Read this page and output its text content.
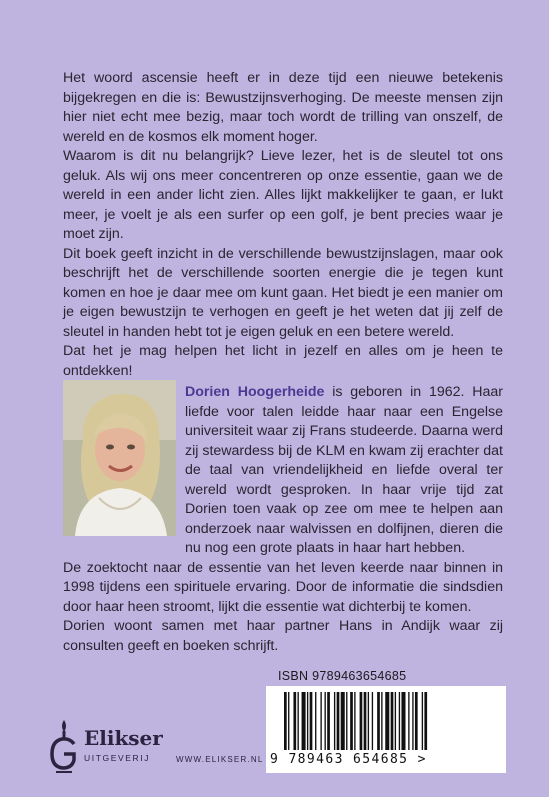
Het woord ascensie heeft er in deze tijd een nieuwe betekenis bijgekregen en die is: Bewustzijnsverhoging. De meeste mensen zijn hier niet echt mee bezig, maar toch wordt de trilling van onszelf, de wereld en de kosmos elk moment hoger.

Waarom is dit nu belangrijk? Lieve lezer, het is de sleutel tot ons geluk. Als wij ons meer concentreren op onze essentie, gaan we de wereld in een ander licht zien. Alles lijkt makkelijker te gaan, er lukt meer, je voelt je als een surfer op een golf, je bent precies waar je moet zijn.

Dit boek geeft inzicht in de verschillende bewustzijnslagen, maar ook beschrijft het de verschillende soorten energie die je tegen kunt komen en hoe je daar mee om kunt gaan. Het biedt je een manier om je eigen bewustzijn te verhogen en geeft je het weten dat jij zelf de sleutel in handen hebt tot je eigen geluk en een betere wereld.

Dat het je mag helpen het licht in jezelf en alles om je heen te ontdekken!

Dorien Hoogerheide is geboren in 1962. Haar liefde voor talen leidde haar naar een Engelse universiteit waar zij Frans studeerde. Daarna werd zij stewardess bij de KLM en kwam zij erachter dat de taal van vriendelijkheid en liefde overal ter wereld wordt gesproken. In haar vrije tijd zat Dorien toen vaak op zee om mee te helpen aan onderzoek naar walvissen en dolfijnen, dieren die nu nog een grote plaats in haar hart hebben.

De zoektocht naar de essentie van het leven keerde naar binnen in 1998 tijdens een spirituele ervaring. Door de informatie die sindsdien door haar heen stroomt, lijkt die essentie wat dichterbij te komen.

Dorien woont samen met haar partner Hans in Andijk waar zij consulten geeft en boeken schrijft.

ISBN 9789463654685
9 789463 654685 >
Elikser
UITGEVERIJ	WWW.ELIKSER.NL
